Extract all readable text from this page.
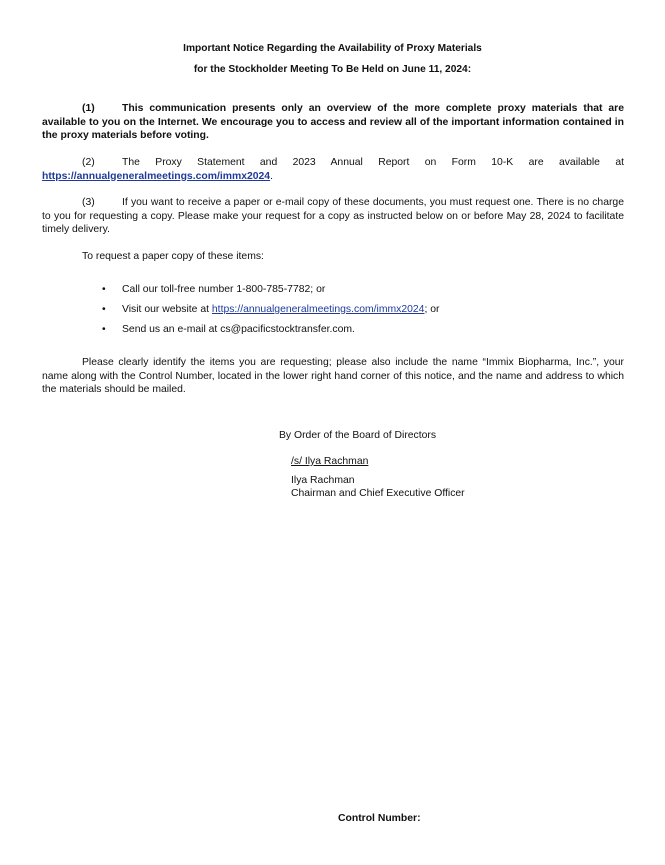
Important Notice Regarding the Availability of Proxy Materials
for the Stockholder Meeting To Be Held on June 11, 2024:
(1)	This communication presents only an overview of the more complete proxy materials that are available to you on the Internet. We encourage you to access and review all of the important information contained in the proxy materials before voting.
(2)	The Proxy Statement and 2023 Annual Report on Form 10-K are available at https://annualgeneralmeetings.com/immx2024.
(3)	If you want to receive a paper or e-mail copy of these documents, you must request one. There is no charge to you for requesting a copy. Please make your request for a copy as instructed below on or before May 28, 2024 to facilitate timely delivery.
To request a paper copy of these items:
• Call our toll-free number 1-800-785-7782; or
• Visit our website at https://annualgeneralmeetings.com/immx2024; or
• Send us an e-mail at cs@pacificstocktransfer.com.
Please clearly identify the items you are requesting; please also include the name “Immix Biopharma, Inc.”, your name along with the Control Number, located in the lower right hand corner of this notice, and the name and address to which the materials should be mailed.
By Order of the Board of Directors
/s/ Ilya Rachman
Ilya Rachman
Chairman and Chief Executive Officer
Control Number:
